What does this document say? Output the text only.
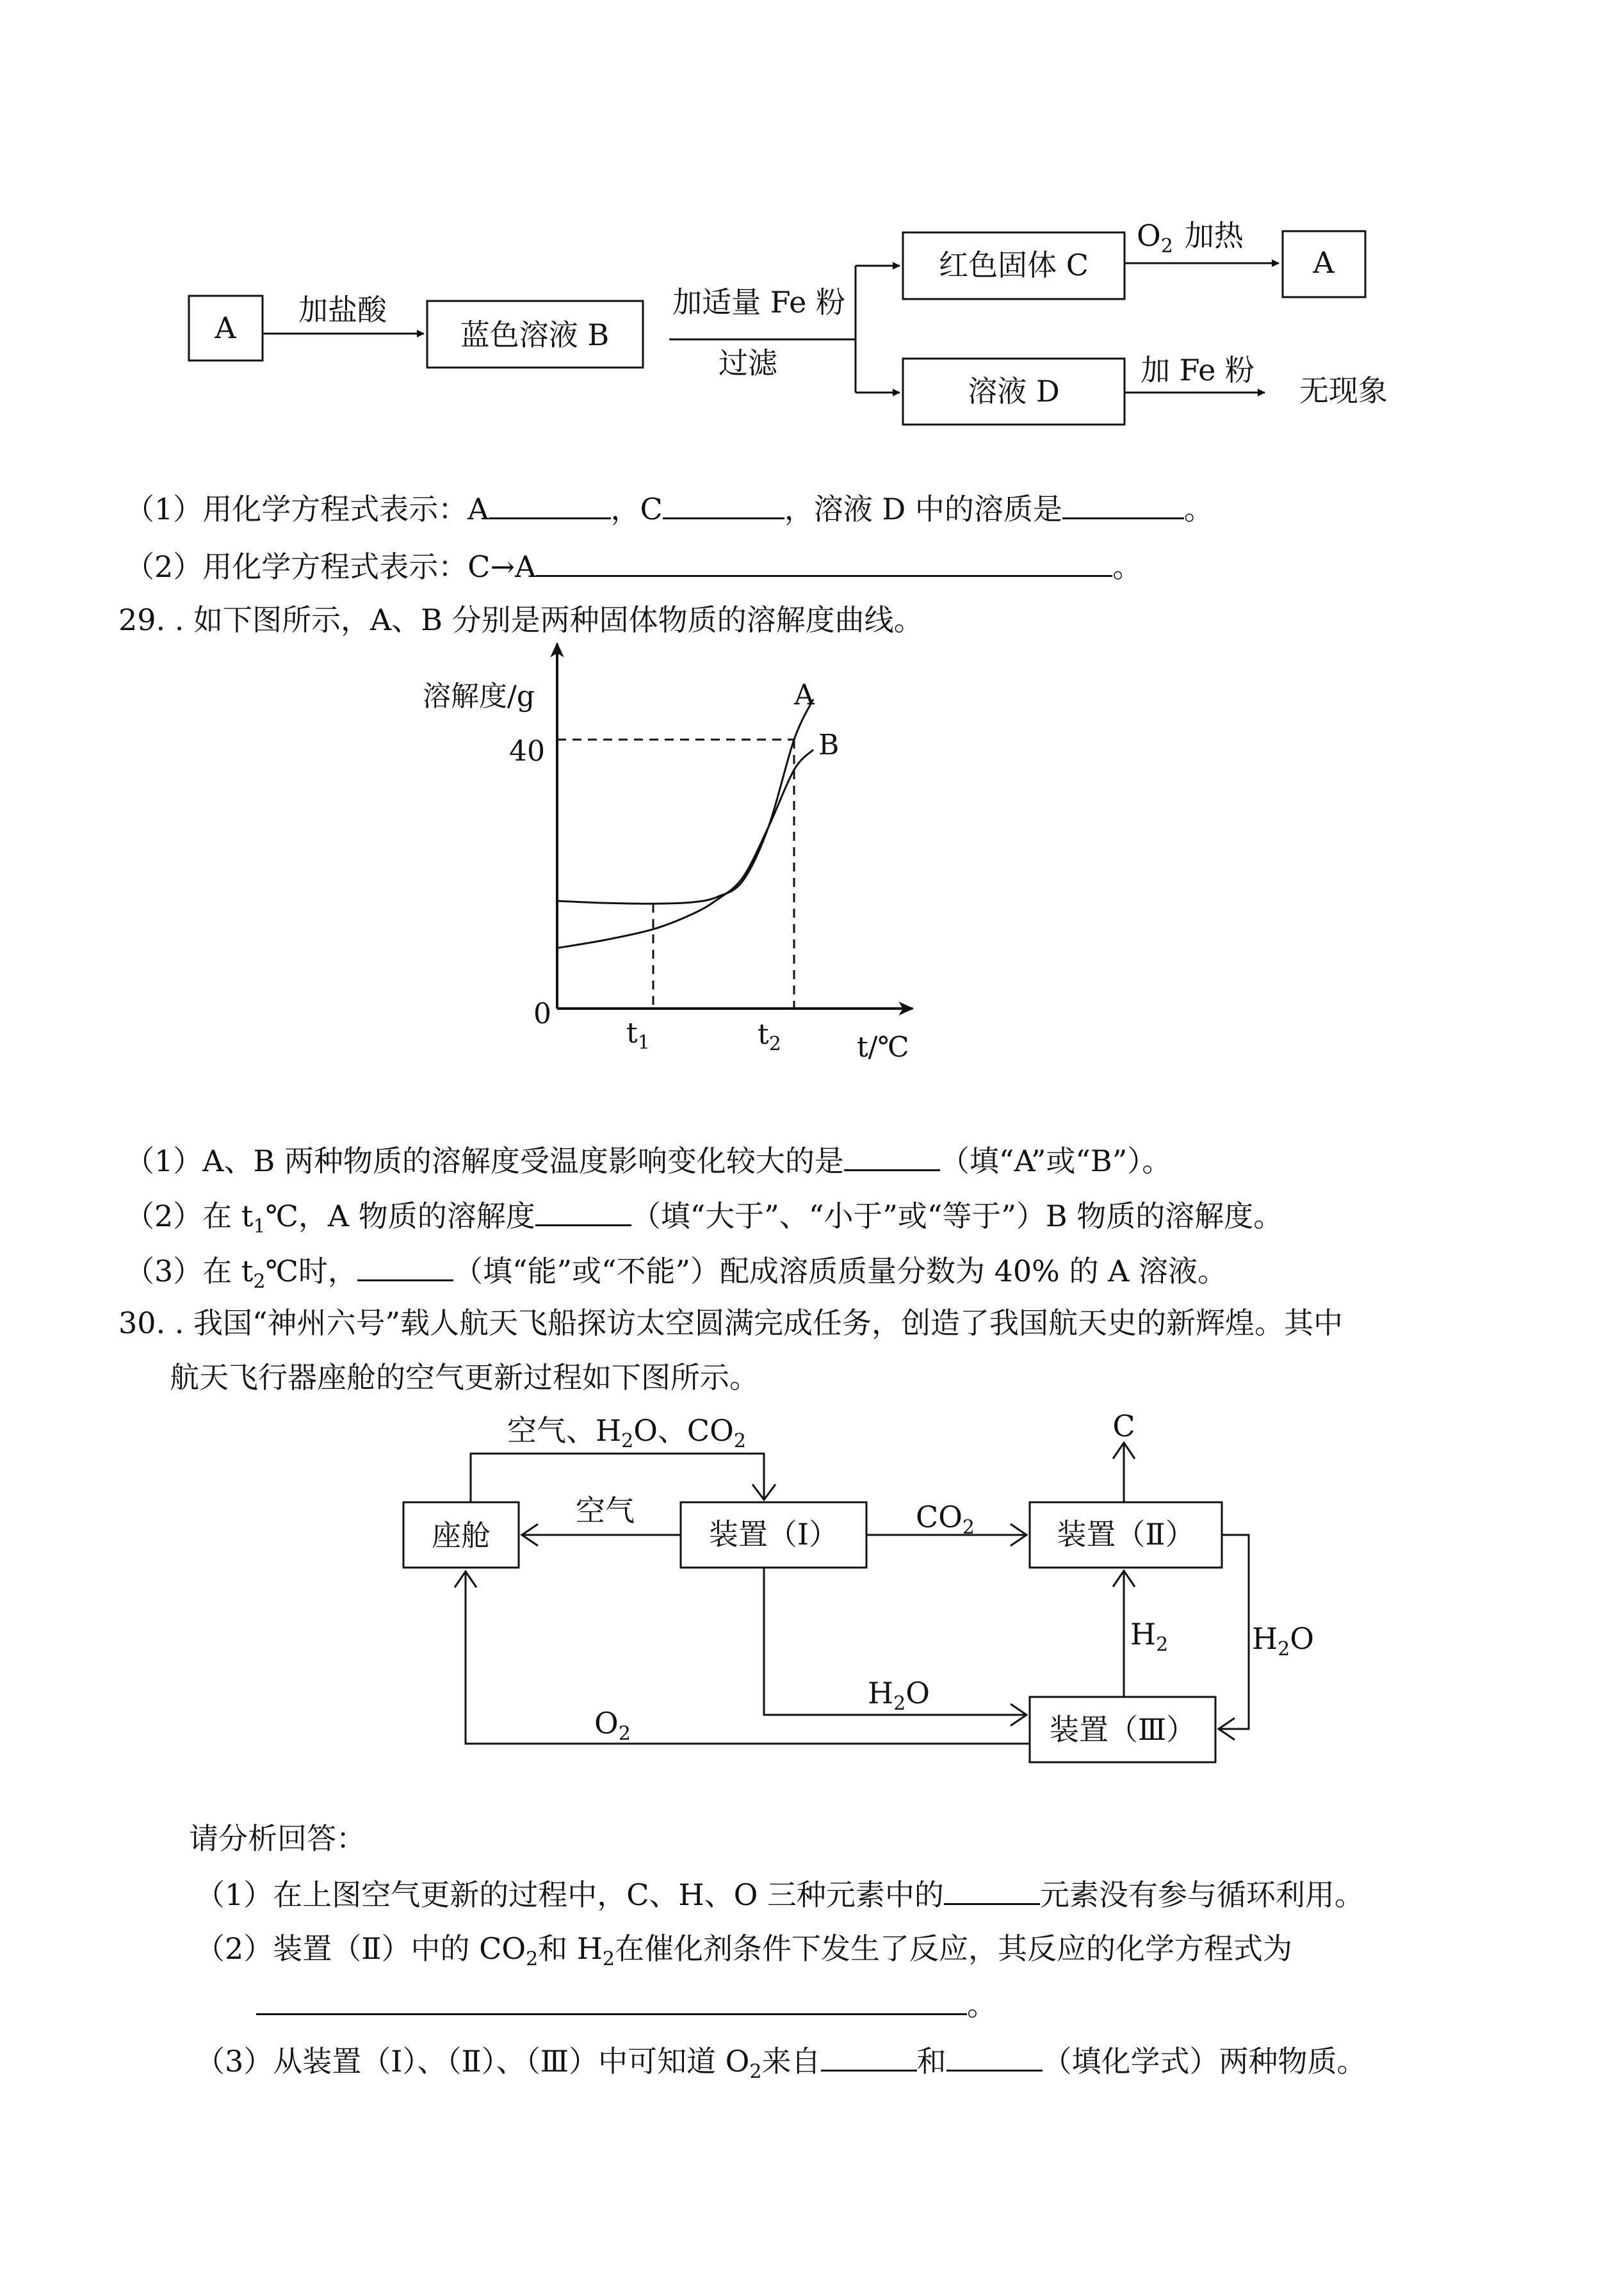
A
加盐酸
蓝色溶液 B
加适量 Fe 粉
过滤
红色固体 C
$O_2$ 加热
A
溶液 D
加 Fe 粉
无现象
（1）用化学方程式表示：A	，C	，溶液 D 中的溶质是	。
（2）用化学方程式表示：C→A	。
29. . 如下图所示，A、B 分别是两种固体物质的溶解度曲线。
溶解度/g
t/℃
0
40
$t_1$	$t_2$
A
B
（1）A、B 两种物质的溶解度受温度影响变化较大的是	（填“A”或“B”）。
（2）在 $t_1℃$，A 物质的溶解度	（填“大于”、“小于”或“等于”）B 物质的溶解度。
（3）在 $t_2℃$时，	（填“能”或“不能”）配成溶质质量分数为 40% 的 A 溶液。
30. . 我国“神州六号”载人航天飞船探访太空圆满完成任务，创造了我国航天史的新辉煌。其中
航天飞行器座舱的空气更新过程如下图所示。
座舱	装置（I）	装置（Ⅱ）
装置（Ⅲ）
空气、$H_2O$、$CO_2$
空气	$CO_2$
C
$H_2$	$H_2O$
$H_2O$
$O_2$
请分析回答：
（1）在上图空气更新的过程中，C、H、O 三种元素中的	元素没有参与循环利用。
（2）装置（Ⅱ）中的 $CO_2$和 $H_2$在催化剂条件下发生了反应，其反应的化学方程式为
。
（3）从装置（I）、（Ⅱ）、（Ⅲ）中可知道 $O_2$来自	和	（填化学式）两种物质。
